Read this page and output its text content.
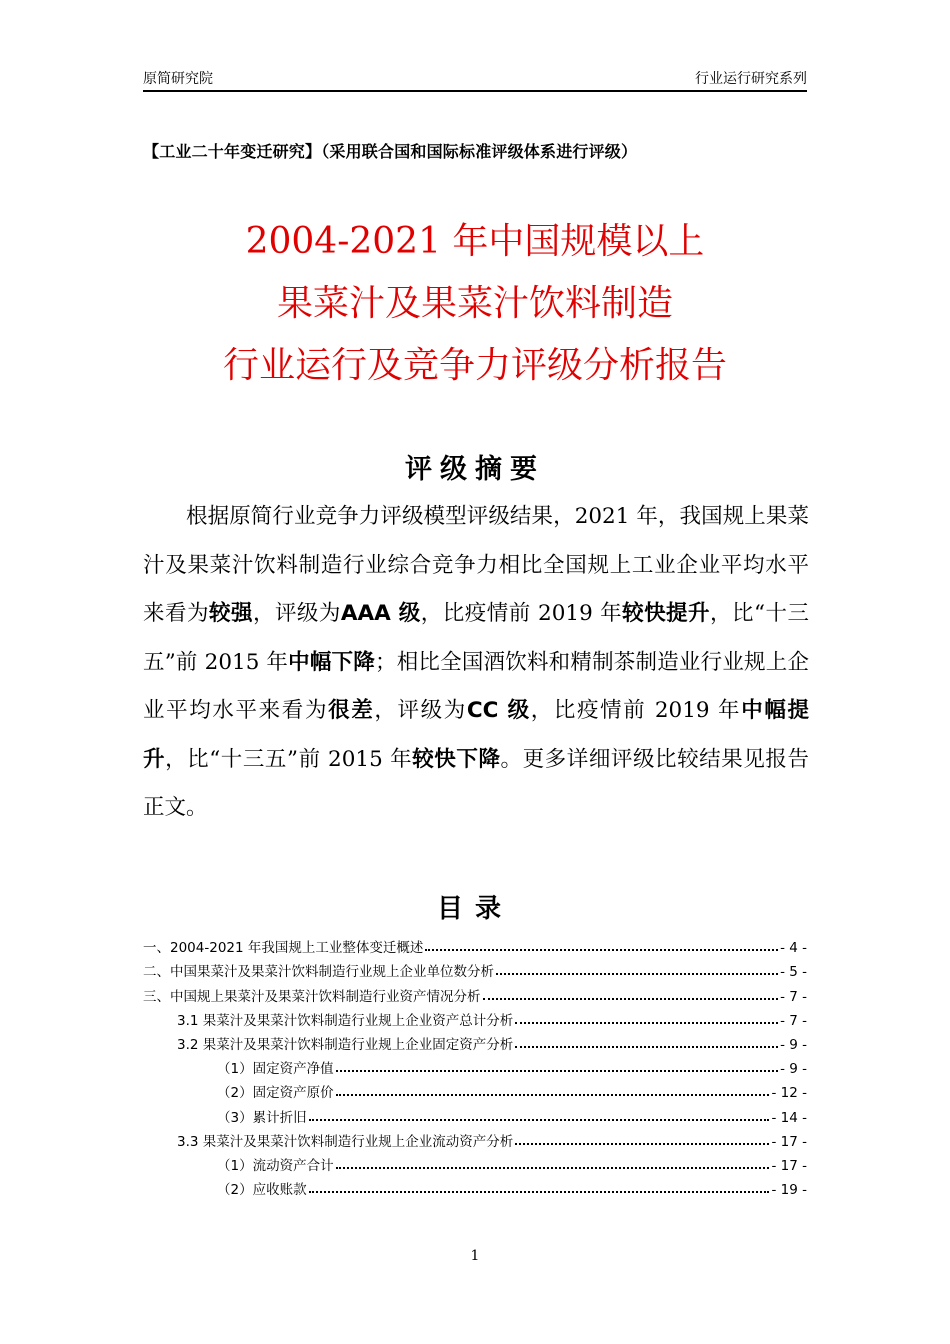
原简研究院	行业运行研究系列
【工业二十年变迁研究】（采用联合国和国际标准评级体系进行评级）
2004-2021 年中国规模以上
果菜汁及果菜汁饮料制造
行业运行及竞争力评级分析报告
评级摘要
根据原简行业竞争力评级模型评级结果，2021 年，我国规上果菜汁及果菜汁饮料制造行业综合竞争力相比全国规上工业企业平均水平来看为较强，评级为AAA 级，比疫情前 2019 年较快提升，比“十三五”前 2015 年中幅下降；相比全国酒饮料和精制茶制造业行业规上企业平均水平来看为很差，评级为CC 级，比疫情前 2019 年中幅提升，比“十三五”前 2015 年较快下降。更多详细评级比较结果见报告正文。
目录
一、2004-2021 年我国规上工业整体变迁概述	- 4 -
二、中国果菜汁及果菜汁饮料制造行业规上企业单位数分析	- 5 -
三、中国规上果菜汁及果菜汁饮料制造行业资产情况分析	- 7 -
3.1 果菜汁及果菜汁饮料制造行业规上企业资产总计分析	- 7 -
3.2 果菜汁及果菜汁饮料制造行业规上企业固定资产分析	- 9 -
（1）固定资产净值	- 9 -
（2）固定资产原价	- 12 -
（3）累计折旧	- 14 -
3.3 果菜汁及果菜汁饮料制造行业规上企业流动资产分析	- 17 -
（1）流动资产合计	- 17 -
（2）应收账款	- 19 -
1
